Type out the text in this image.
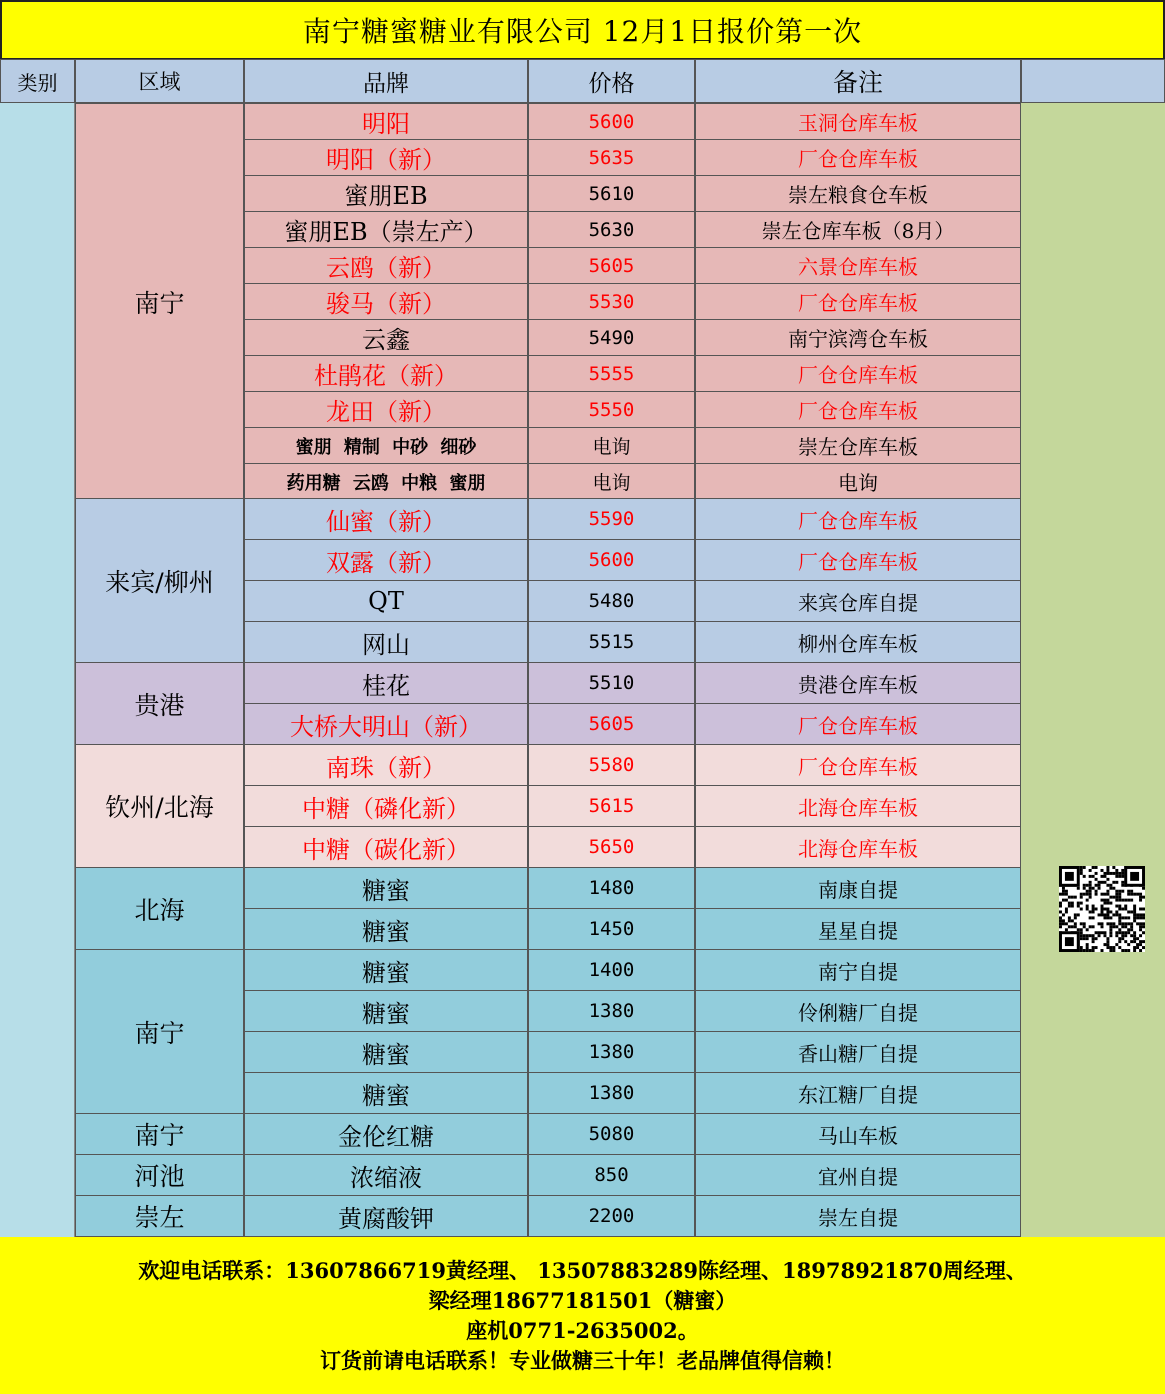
南宁糖蜜糖业有限公司 12月1日报价第一次
类别	区域	品牌	价格	备注
欢迎电话联系：13607866719黄经理、 13507883289陈经理、18978921870周经理、
梁经理18677181501（糖蜜）
座机0771-2635002。
订货前请电话联系！专业做糖三十年！老品牌值得信赖！
南宁
明阳	5600	玉洞仓库车板
明阳（新）	5635	厂仓仓库车板
蜜朋EB	5610	崇左粮食仓车板
蜜朋EB（崇左产）	5630	崇左仓库车板（8月）
云鸥（新）	5605	六景仓库车板
骏马（新）	5530	厂仓仓库车板
云鑫	5490	南宁滨湾仓车板
杜鹃花（新）	5555	厂仓仓库车板
龙田（新）	5550	厂仓仓库车板
蜜朋 精制 中砂 细砂	电询	崇左仓库车板
药用糖 云鸥 中粮 蜜朋	电询	电询
来宾/柳州
仙蜜（新）	5590	厂仓仓库车板
双露（新）	5600	厂仓仓库车板
QT	5480	来宾仓库自提
网山	5515	柳州仓库车板
贵港
桂花	5510	贵港仓库车板
大桥大明山（新）	5605	厂仓仓库车板
钦州/北海
南珠（新）	5580	厂仓仓库车板
中糖（磷化新）	5615	北海仓库车板
中糖（碳化新）	5650	北海仓库车板
北海
糖蜜	1480	南康自提
糖蜜	1450	星星自提
南宁
糖蜜	1400	南宁自提
糖蜜	1380	伶俐糖厂自提
糖蜜	1380	香山糖厂自提
糖蜜	1380	东江糖厂自提
南宁	金伦红糖	5080	马山车板
河池	浓缩液	850	宜州自提
崇左	黄腐酸钾	2200	崇左自提
